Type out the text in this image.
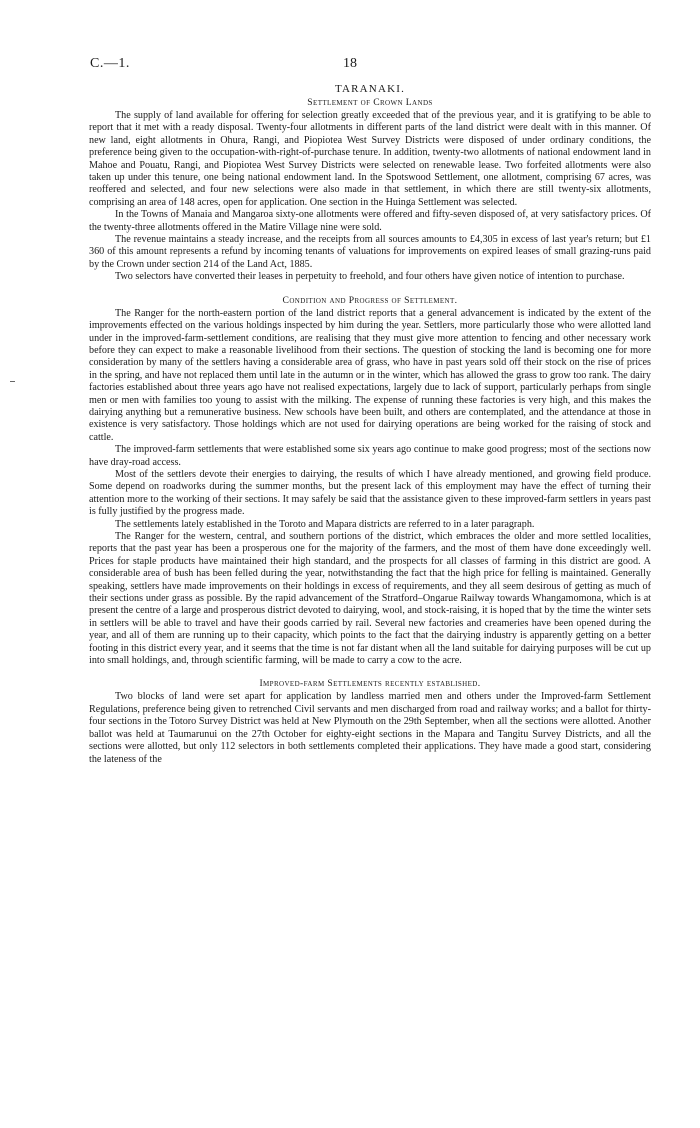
C.—1.	18
TARANAKI.
Settlement of Crown Lands

The supply of land available for offering for selection greatly exceeded that of the previous year, and it is gratifying to be able to report that it met with a ready disposal. Twenty-four allotments in different parts of the land district were dealt with in this manner. Of new land, eight allotments in Ohura, Rangi, and Piopiotea West Survey Districts were disposed of under ordinary conditions, the preference being given to the occupation-with-right-of-purchase tenure. In addition, twenty-two allotments of national endowment land in Mahoe and Pouatu, Rangi, and Piopiotea West Survey Districts were selected on renewable lease. Two forfeited allotments were also taken up under this tenure, one being national endowment land. In the Spotswood Settlement, one allotment, comprising 67 acres, was reoffered and selected, and four new selections were also made in that settlement, in which there are still twenty-six allotments, comprising an area of 148 acres, open for application. One section in the Huinga Settlement was selected.

In the Towns of Manaia and Mangaroa sixty-one allotments were offered and fifty-seven disposed of, at very satisfactory prices. Of the twenty-three allotments offered in the Matire Village nine were sold.

The revenue maintains a steady increase, and the receipts from all sources amounts to £4,305 in excess of last year's return; but £1 360 of this amount represents a refund by incoming tenants of valuations for improvements on expired leases of small grazing-runs paid by the Crown under section 214 of the Land Act, 1885.

Two selectors have converted their leases in perpetuity to freehold, and four others have given notice of intention to purchase.

Condition and Progress of Settlement.

The Ranger for the north-eastern portion of the land district reports that a general advancement is indicated by the extent of the improvements effected on the various holdings inspected by him during the year. Settlers, more particularly those who were allotted land under in the improved-farm-settlement conditions, are realising that they must give more attention to fencing and other necessary work before they can expect to make a reasonable livelihood from their sections. The question of stocking the land is becoming one for more consideration by many of the settlers having a considerable area of grass, who have in past years sold off their stock on the rise of prices in the spring, and have not replaced them until late in the autumn or in the winter, which has allowed the grass to grow too rank. The dairy factories established about three years ago have not realised expectations, largely due to lack of support, particularly perhaps from single men or men with families too young to assist with the milking. The expense of running these factories is very high, and this makes the dairying anything but a remunerative business. New schools have been built, and others are contemplated, and the attendance at those in existence is very satisfactory. Those holdings which are not used for dairying operations are being worked for the raising of stock and cattle.

The improved-farm settlements that were established some six years ago continue to make good progress; most of the sections now have dray-road access.

Most of the settlers devote their energies to dairying, the results of which I have already mentioned, and growing field produce. Some depend on roadworks during the summer months, but the present lack of this employment may have the effect of turning their attention more to the working of their sections. It may safely be said that the assistance given to these improved-farm settlers in years past is fully justified by the progress made.

The settlements lately established in the Toroto and Mapara districts are referred to in a later paragraph.

The Ranger for the western, central, and southern portions of the district, which embraces the older and more settled localities, reports that the past year has been a prosperous one for the majority of the farmers, and the most of them have done exceedingly well. Prices for staple products have maintained their high standard, and the prospects for all classes of farming in this district are good. A considerable area of bush has been felled during the year, notwithstanding the fact that the high price for felling is maintained. Generally speaking, settlers have made improvements on their holdings in excess of requirements, and they all seem desirous of getting as much of their sections under grass as possible. By the rapid advancement of the Stratford–Ongarue Railway towards Whangamomona, which is at present the centre of a large and prosperous district devoted to dairying, wool, and stock-raising, it is hoped that by the time the winter sets in settlers will be able to travel and have their goods carried by rail. Several new factories and creameries have been opened during the year, and all of them are running up to their capacity, which points to the fact that the dairying industry is apparently getting on a better footing in this district every year, and it seems that the time is not far distant when all the land suitable for dairying purposes will be cut up into small holdings, and, through scientific farming, will be made to carry a cow to the acre.

Improved-farm Settlements recently established.

Two blocks of land were set apart for application by landless married men and others under the Improved-farm Settlement Regulations, preference being given to retrenched Civil servants and men discharged from road and railway works; and a ballot for thirty-four sections in the Totoro Survey District was held at New Plymouth on the 29th September, when all the sections were allotted. Another ballot was held at Taumarunui on the 27th October for eighty-eight sections in the Mapara and Tangitu Survey Districts, and all the sections were allotted, but only 112 selectors in both settlements completed their applications. They have made a good start, considering the lateness of the
